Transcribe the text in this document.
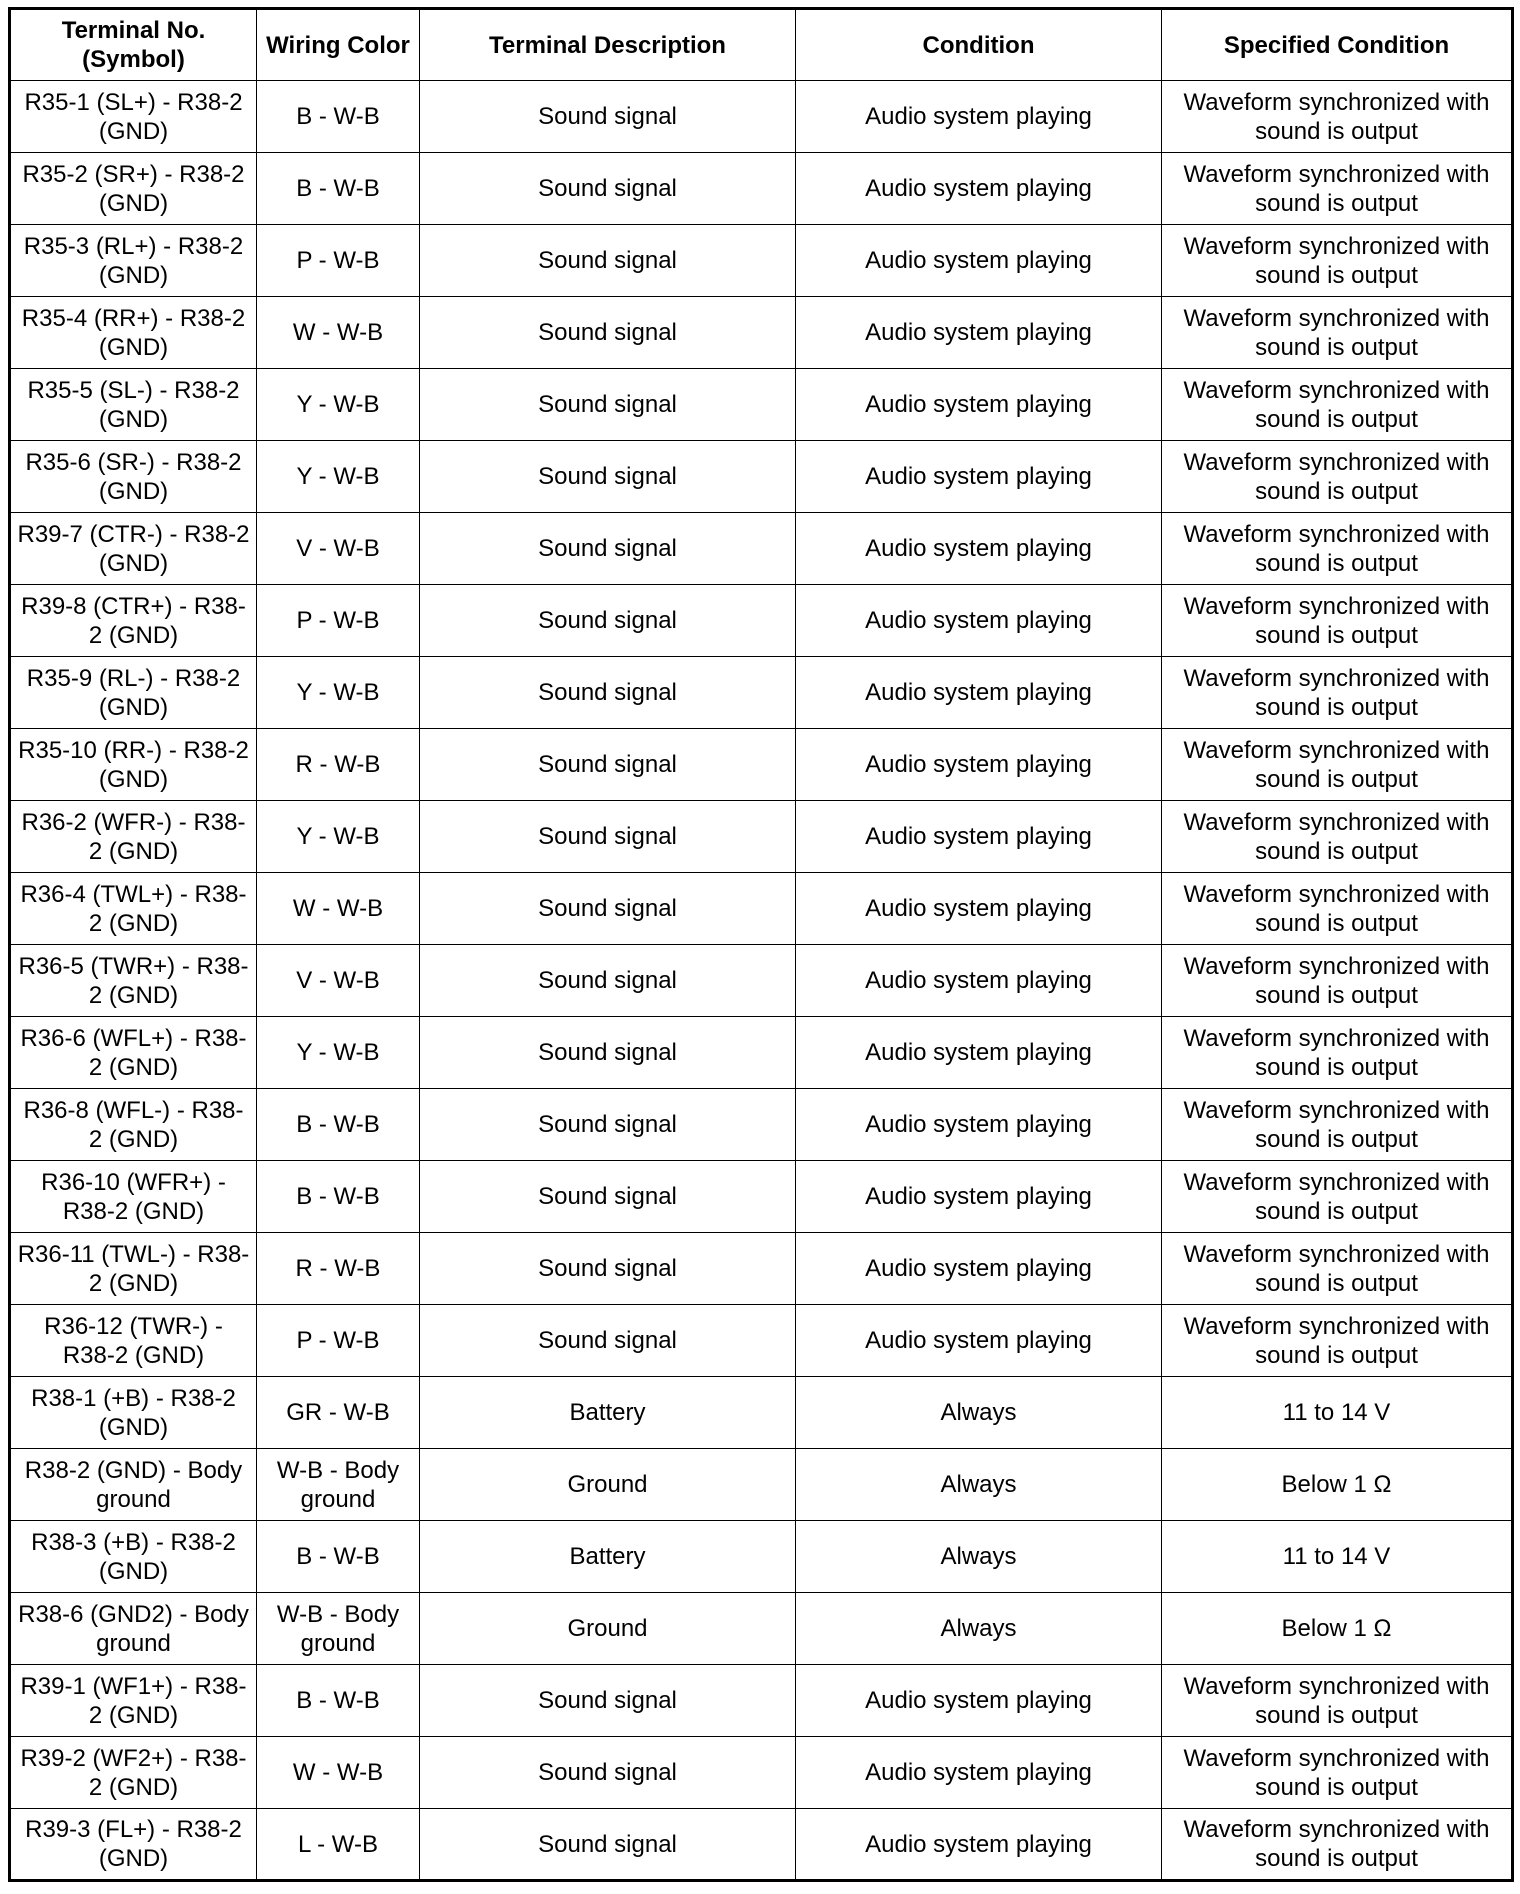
Terminal No. (Symbol)	Wiring Color	Terminal Description	Condition	Specified Condition
R35-1 (SL+) - R38-2 (GND)	B - W-B	Sound signal	Audio system playing	Waveform synchronized with sound is output
R35-2 (SR+) - R38-2 (GND)	B - W-B	Sound signal	Audio system playing	Waveform synchronized with sound is output
R35-3 (RL+) - R38-2 (GND)	P - W-B	Sound signal	Audio system playing	Waveform synchronized with sound is output
R35-4 (RR+) - R38-2 (GND)	W - W-B	Sound signal	Audio system playing	Waveform synchronized with sound is output
R35-5 (SL-) - R38-2 (GND)	Y - W-B	Sound signal	Audio system playing	Waveform synchronized with sound is output
R35-6 (SR-) - R38-2 (GND)	Y - W-B	Sound signal	Audio system playing	Waveform synchronized with sound is output
R39-7 (CTR-) - R38-2 (GND)	V - W-B	Sound signal	Audio system playing	Waveform synchronized with sound is output
R39-8 (CTR+) - R38-2 (GND)	P - W-B	Sound signal	Audio system playing	Waveform synchronized with sound is output
R35-9 (RL-) - R38-2 (GND)	Y - W-B	Sound signal	Audio system playing	Waveform synchronized with sound is output
R35-10 (RR-) - R38-2 (GND)	R - W-B	Sound signal	Audio system playing	Waveform synchronized with sound is output
R36-2 (WFR-) - R38-2 (GND)	Y - W-B	Sound signal	Audio system playing	Waveform synchronized with sound is output
R36-4 (TWL+) - R38-2 (GND)	W - W-B	Sound signal	Audio system playing	Waveform synchronized with sound is output
R36-5 (TWR+) - R38-2 (GND)	V - W-B	Sound signal	Audio system playing	Waveform synchronized with sound is output
R36-6 (WFL+) - R38-2 (GND)	Y - W-B	Sound signal	Audio system playing	Waveform synchronized with sound is output
R36-8 (WFL-) - R38-2 (GND)	B - W-B	Sound signal	Audio system playing	Waveform synchronized with sound is output
R36-10 (WFR+) - R38-2 (GND)	B - W-B	Sound signal	Audio system playing	Waveform synchronized with sound is output
R36-11 (TWL-) - R38-2 (GND)	R - W-B	Sound signal	Audio system playing	Waveform synchronized with sound is output
R36-12 (TWR-) - R38-2 (GND)	P - W-B	Sound signal	Audio system playing	Waveform synchronized with sound is output
R38-1 (+B) - R38-2 (GND)	GR - W-B	Battery	Always	11 to 14 V
R38-2 (GND) - Body ground	W-B - Body ground	Ground	Always	Below 1 Ω
R38-3 (+B) - R38-2 (GND)	B - W-B	Battery	Always	11 to 14 V
R38-6 (GND2) - Body ground	W-B - Body ground	Ground	Always	Below 1 Ω
R39-1 (WF1+) - R38-2 (GND)	B - W-B	Sound signal	Audio system playing	Waveform synchronized with sound is output
R39-2 (WF2+) - R38-2 (GND)	W - W-B	Sound signal	Audio system playing	Waveform synchronized with sound is output
R39-3 (FL+) - R38-2 (GND)	L - W-B	Sound signal	Audio system playing	Waveform synchronized with sound is output
